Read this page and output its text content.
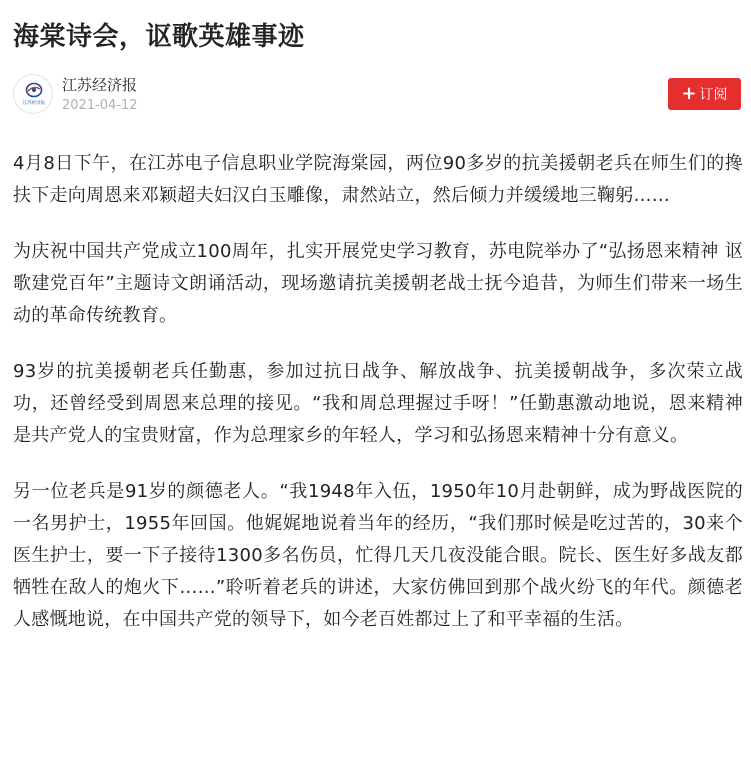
海棠诗会，讴歌英雄事迹
江苏经济报
江苏经济报
2021-04-12
+ 订阅

4月8日下午，在江苏电子信息职业学院海棠园，两位90多岁的抗美援朝老兵在师生们的搀扶下走向周恩来邓颖超夫妇汉白玉雕像，肃然站立，然后倾力并缓缓地三鞠躬……

为庆祝中国共产党成立100周年，扎实开展党史学习教育，苏电院举办了“弘扬恩来精神 讴歌建党百年”主题诗文朗诵活动，现场邀请抗美援朝老战士抚今追昔，为师生们带来一场生动的革命传统教育。

93岁的抗美援朝老兵任勤惠，参加过抗日战争、解放战争、抗美援朝战争，多次荣立战功，还曾经受到周恩来总理的接见。“我和周总理握过手呀！”任勤惠激动地说，恩来精神是共产党人的宝贵财富，作为总理家乡的年轻人，学习和弘扬恩来精神十分有意义。

另一位老兵是91岁的颜德老人。“我1948年入伍，1950年10月赴朝鲜，成为野战医院的一名男护士，1955年回国。他娓娓地说着当年的经历，“我们那时候是吃过苦的，30来个医生护士，要一下子接待1300多名伤员，忙得几天几夜没能合眼。院长、医生好多战友都牺牲在敌人的炮火下……”聆听着老兵的讲述，大家仿佛回到那个战火纷飞的年代。颜德老人感慨地说，在中国共产党的领导下，如今老百姓都过上了和平幸福的生活。
